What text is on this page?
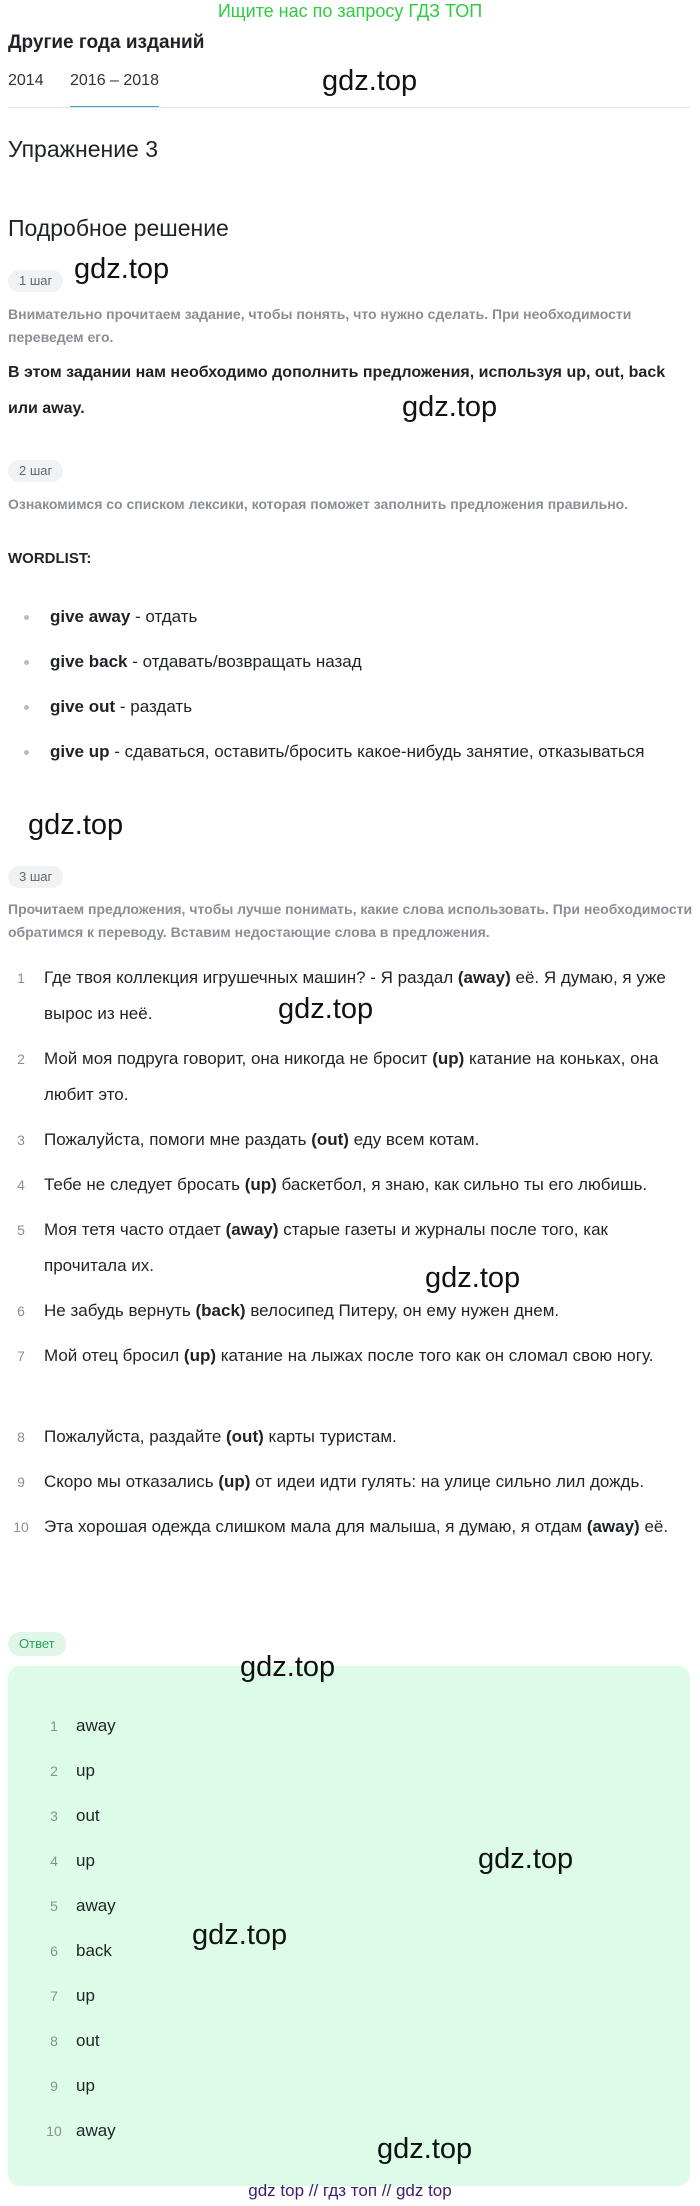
Ищите нас по запросу ГДЗ ТОП
Другие года изданий
2014 2016 – 2018	gdz.top
Упражнение 3
Подробное решение
1 шаг gdz.top
Внимательно прочитаем задание, чтобы понять, что нужно сделать. При необходимости переведем его.
В этом задании нам необходимо дополнить предложения, используя up, out, back или away.	gdz.top
2 шаг
Ознакомимся со списком лексики, которая поможет заполнить предложения правильно.
WORDLIST:
give away - отдать
give back - отдавать/возвращать назад
give out - раздать
give up - сдаваться, оставить/бросить какое-нибудь занятие, отказываться
gdz.top
3 шаг
Прочитаем предложения, чтобы лучше понимать, какие слова использовать. При необходимости обратимся к переводу. Вставим недостающие слова в предложения.
1	Где твоя коллекция игрушечных машин? - Я раздал (away) её. Я думаю, я уже вырос из неё.	gdz.top
2	Мой моя подруга говорит, она никогда не бросит (up) катание на коньках, она любит это.
3	Пожалуйста, помоги мне раздать (out) еду всем котам.
4	Тебе не следует бросать (up) баскетбол, я знаю, как сильно ты его любишь.
5	Моя тетя часто отдает (away) старые газеты и журналы после того, как прочитала их.	gdz.top
6	Не забудь вернуть (back) велосипед Питеру, он ему нужен днем.
7	Мой отец бросил (up) катание на лыжах после того как он сломал свою ногу.
8	Пожалуйста, раздайте (out) карты туристам.
9	Скоро мы отказались (up) от идеи идти гулять: на улице сильно лил дождь.
10 Эта хорошая одежда слишком мала для малыша, я думаю, я отдам (away) её.
Ответ
1	away
2	up
3	out
4	up
5	away
6	back
7	up
8	out
9	up
10 away
gdz.top
gdz.top
gdz.top
gdz.top
gdz top // гдз топ // gdz top
